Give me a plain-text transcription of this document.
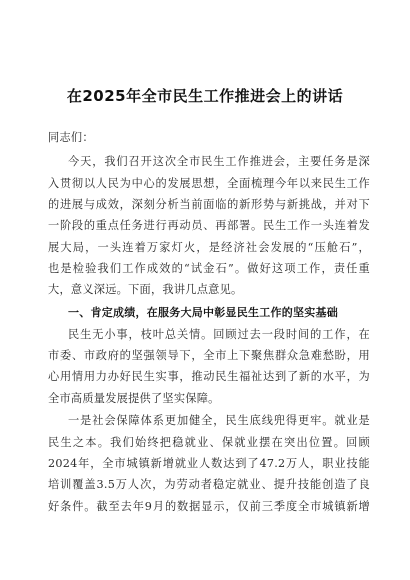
在2025年全市民生工作推进会上的讲话
同志们：
今天，我们召开这次全市民生工作推进会，主要任务是深
入贯彻以人民为中心的发展思想，全面梳理今年以来民生工作
的进展与成效，深刻分析当前面临的新形势与新挑战，并对下
一阶段的重点任务进行再动员、再部署。民生工作一头连着发
展大局，一头连着万家灯火，是经济社会发展的“压舱石”，
也是检验我们工作成效的“试金石”。做好这项工作，责任重
大，意义深远。下面，我讲几点意见。
一、肯定成绩，在服务大局中彰显民生工作的坚实基础
民生无小事，枝叶总关情。回顾过去一段时间的工作，在
市委、市政府的坚强领导下，全市上下聚焦群众急难愁盼，用
心用情用力办好民生实事，推动民生福祉达到了新的水平，为
全市高质量发展提供了坚实保障。
一是社会保障体系更加健全，民生底线兜得更牢。就业是
民生之本。我们始终把稳就业、保就业摆在突出位置。回顾
2024年，全市城镇新增就业人数达到了47.2万人，职业技能
培训覆盖3.5万人次，为劳动者稳定就业、提升技能创造了良
好条件。截至去年9月的数据显示，仅前三季度全市城镇新增
